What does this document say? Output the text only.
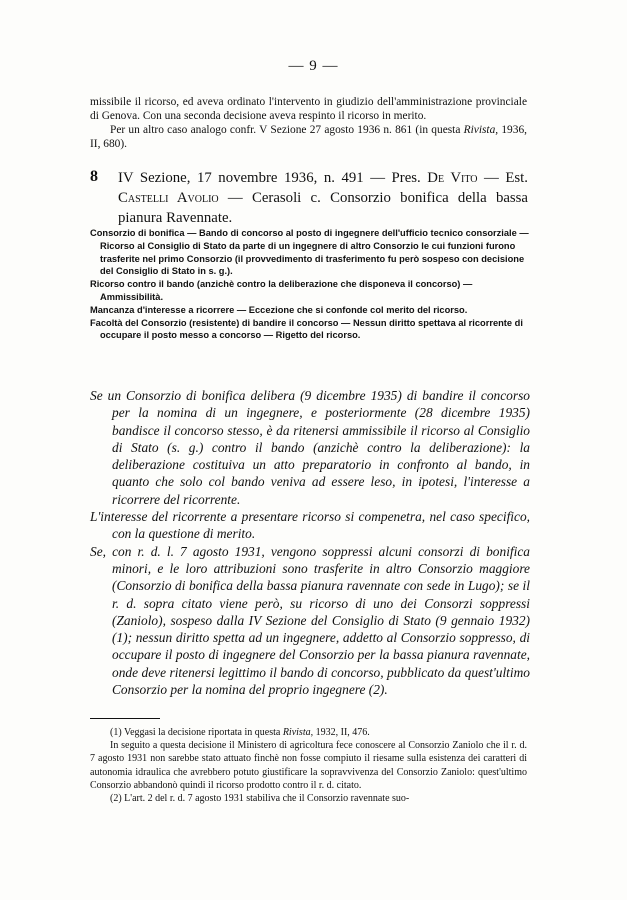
— 9 —

missibile il ricorso, ed aveva ordinato l'intervento in giudizio dell'amministrazione provinciale di Genova. Con una seconda decisione aveva respinto il ricorso in merito.

Per un altro caso analogo confr. V Sezione 27 agosto 1936 n. 861 (in questa Rivista, 1936, II, 680).

8 IV Sezione, 17 novembre 1936, n. 491 — Pres. De Vito — Est. Castelli Avolio — Cerasoli c. Consorzio bonifica della bassa pianura Ravennate.

Consorzio di bonifica — Bando di concorso al posto di ingegnere dell'ufficio tecnico consorziale — Ricorso al Consiglio di Stato da parte di un ingegnere di altro Consorzio le cui funzioni furono trasferite nel primo Consorzio (il provvedimento di trasferimento fu però sospeso con decisione del Consiglio di Stato in s. g.).

Ricorso contro il bando (anzichè contro la deliberazione che disponeva il concorso) — Ammissibilità.

Mancanza d'interesse a ricorrere — Eccezione che si confonde col merito del ricorso.

Facoltà del Consorzio (resistente) di bandire il concorso — Nessun diritto spettava al ricorrente di occupare il posto messo a concorso — Rigetto del ricorso.

Se un Consorzio di bonifica delibera (9 dicembre 1935) di bandire il concorso per la nomina di un ingegnere, e posteriormente (28 dicembre 1935) bandisce il concorso stesso, è da ritenersi ammissibile il ricorso al Consiglio di Stato (s. g.) contro il bando (anzichè contro la deliberazione): la deliberazione costituiva un atto preparatorio in confronto al bando, in quanto che solo col bando veniva ad essere leso, in ipotesi, l'interesse a ricorrere del ricorrente.

L'interesse del ricorrente a presentare ricorso si compenetra, nel caso specifico, con la questione di merito.

Se, con r. d. l. 7 agosto 1931, vengono soppressi alcuni consorzi di bonifica minori, e le loro attribuzioni sono trasferite in altro Consorzio maggiore (Consorzio di bonifica della bassa pianura ravennate con sede in Lugo); se il r. d. sopra citato viene però, su ricorso di uno dei Consorzi soppressi (Zaniolo), sospeso dalla IV Sezione del Consiglio di Stato (9 gennaio 1932) (1); nessun diritto spetta ad un ingegnere, addetto al Consorzio soppresso, di occupare il posto di ingegnere del Consorzio per la bassa pianura ravennate, onde deve ritenersi legittimo il bando di concorso, pubblicato da quest'ultimo Consorzio per la nomina del proprio ingegnere (2).

(1) Veggasi la decisione riportata in questa Rivista, 1932, II, 476.

In seguito a questa decisione il Ministero di agricoltura fece conoscere al Consorzio Zaniolo che il r. d. 7 agosto 1931 non sarebbe stato attuato finchè non fosse compiuto il riesame sulla esistenza dei caratteri di autonomia idraulica che avrebbero potuto giustificare la sopravvivenza del Consorzio Zaniolo: quest'ultimo Consorzio abbandonò quindi il ricorso prodotto contro il r. d. citato.

(2) L'art. 2 del r. d. 7 agosto 1931 stabiliva che il Consorzio ravennate suo-
